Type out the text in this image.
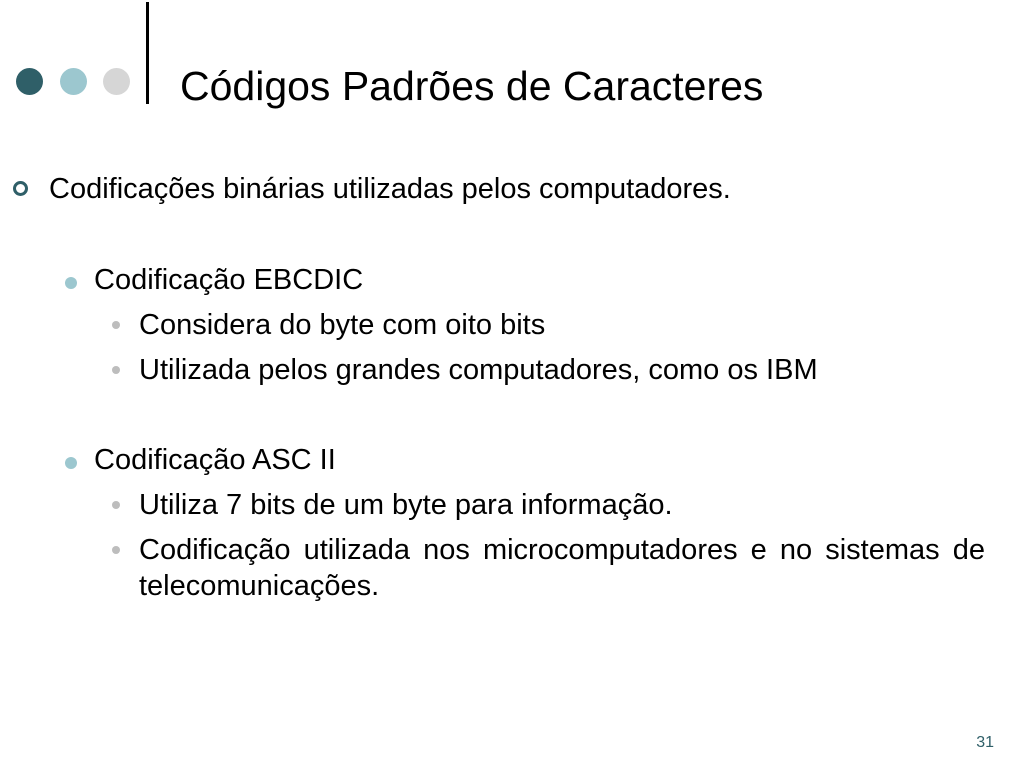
Códigos Padrões de Caracteres
Codificações binárias utilizadas pelos computadores.
Codificação EBCDIC
Considera do byte com oito bits
Utilizada pelos grandes computadores, como os IBM
Codificação ASC II
Utiliza 7 bits de um byte para informação.
Codificação utilizada nos microcomputadores e no sistemas de telecomunicações.
31
